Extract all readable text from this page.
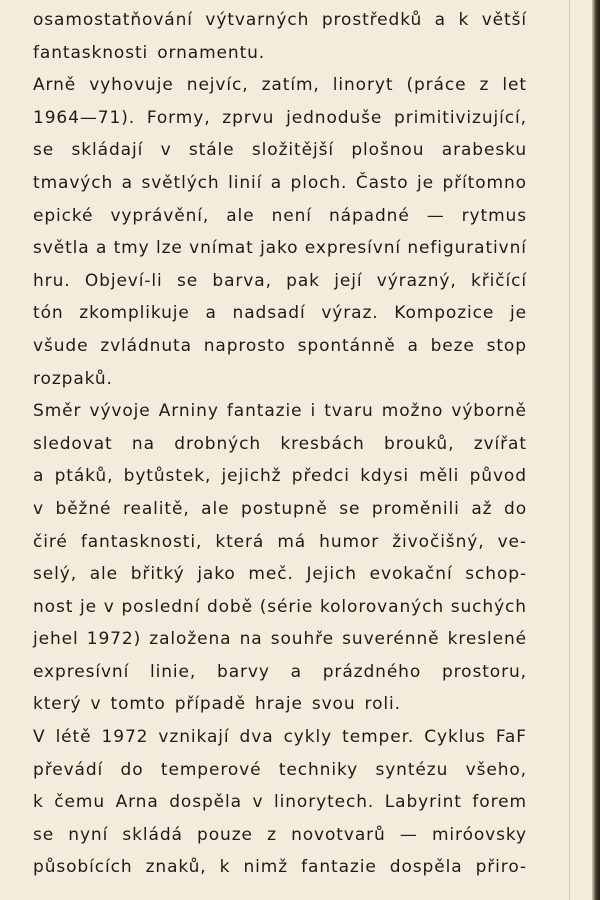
osamostatňování výtvarných prostředků a k větší
fantasknosti ornamentu.
Arně vyhovuje nejvíc, zatím, linoryt (práce z let
1964—71). Formy, zprvu jednoduše primitivizující,
se skládají v stále složitější plošnou arabesku
tmavých a světlých linií a ploch. Často je přítomno
epické vyprávění, ale není nápadné — rytmus
světla a tmy lze vnímat jako expresívní nefigurativní
hru. Objeví-li se barva, pak její výrazný, křičící
tón zkomplikuje a nadsadí výraz. Kompozice je
všude zvládnuta naprosto spontánně a beze stop
rozpaků.
Směr vývoje Arniny fantazie i tvaru možno výborně
sledovat na drobných kresbách brouků, zvířat
a ptáků, bytůstek, jejichž předci kdysi měli původ
v běžné realitě, ale postupně se proměnili až do
čiré fantasknosti, která má humor živočišný, ve-
selý, ale břitký jako meč. Jejich evokační schop-
nost je v poslední době (série kolorovaných suchých
jehel 1972) založena na souhře suverénně kreslené
expresívní linie, barvy a prázdného prostoru,
který v tomto případě hraje svou roli.
V létě 1972 vznikají dva cykly temper. Cyklus FaF
převádí do temperové techniky syntézu všeho,
k čemu Arna dospěla v linorytech. Labyrint forem
se nyní skládá pouze z novotvarů — miróovsky
působících znaků, k nimž fantazie dospěla přiro-
